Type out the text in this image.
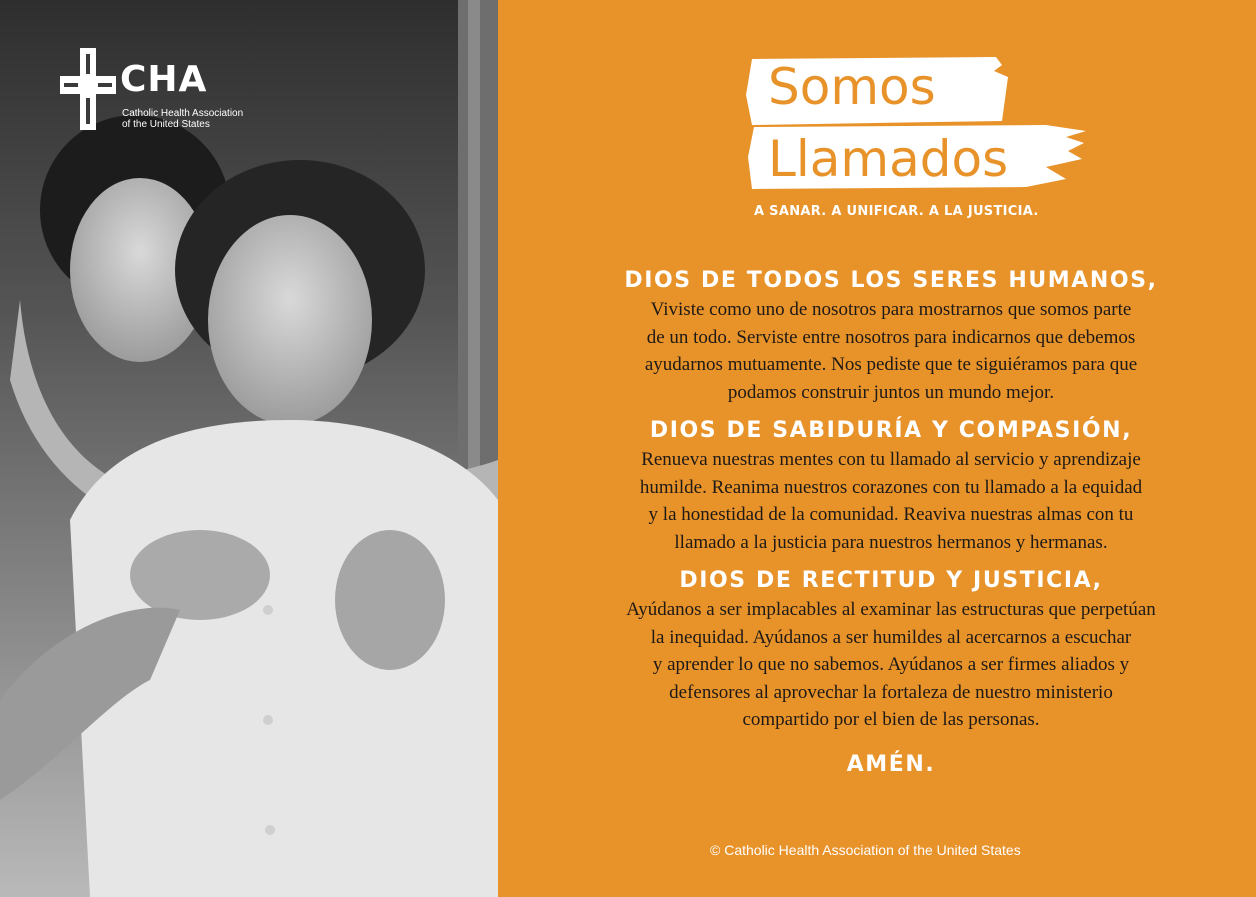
CHA
Catholic Health Association
of the United States
Somos
Llamados
A SANAR. A UNIFICAR. A LA JUSTICIA.
DIOS DE TODOS LOS SERES HUMANOS,

Viviste como uno de nosotros para mostrarnos que somos parte
de un todo. Serviste entre nosotros para indicarnos que debemos
ayudarnos mutuamente. Nos pediste que te siguiéramos para que
podamos construir juntos un mundo mejor.

DIOS DE SABIDURÍA Y COMPASIÓN,

Renueva nuestras mentes con tu llamado al servicio y aprendizaje
humilde. Reanima nuestros corazones con tu llamado a la equidad
y la honestidad de la comunidad. Reaviva nuestras almas con tu
llamado a la justicia para nuestros hermanos y hermanas.

DIOS DE RECTITUD Y JUSTICIA,

Ayúdanos a ser implacables al examinar las estructuras que perpetúan
la inequidad. Ayúdanos a ser humildes al acercarnos a escuchar
y aprender lo que no sabemos. Ayúdanos a ser firmes aliados y
defensores al aprovechar la fortaleza de nuestro ministerio
compartido por el bien de las personas.

AMÉN.
© Catholic Health Association of the United States
